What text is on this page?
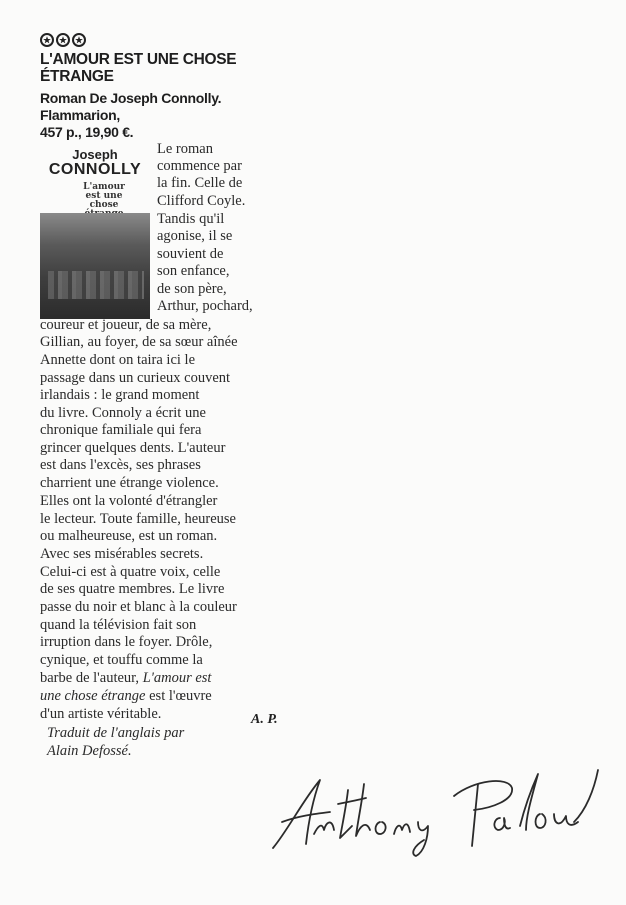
L'AMOUR EST UNE CHOSE ÉTRANGE
Roman De Joseph Connolly.
Flammarion,
457 p., 19,90 €.
Joseph
CONNOLLY
L'amour
est une chose
Le roman
commence par
la fin. Celle de
Clifford Coyle.
Tandis qu'il
agonise, il se
souvient de
son enfance,
de son père,
Arthur, pochard,
coureur et joueur, de sa mère,
Gillian, au foyer, de sa sœur aînée
Annette dont on taira ici le
passage dans un curieux couvent
irlandais : le grand moment
du livre. Connoly a écrit une
chronique familiale qui fera
grincer quelques dents. L'auteur
est dans l'excès, ses phrases
charrient une étrange violence.
Elles ont la volonté d'étrangler
le lecteur. Toute famille, heureuse
ou malheureuse, est un roman.
Avec ses misérables secrets.
Celui-ci est à quatre voix, celle
de ses quatre membres. Le livre
passe du noir et blanc à la couleur
quand la télévision fait son
irruption dans le foyer. Drôle,
cynique, et touffu comme la
barbe de l'auteur, L'amour est
une chose étrange est l'œuvre
d'un artiste véritable.	A. P.
Traduit de l'anglais par
Alain Defossé.
